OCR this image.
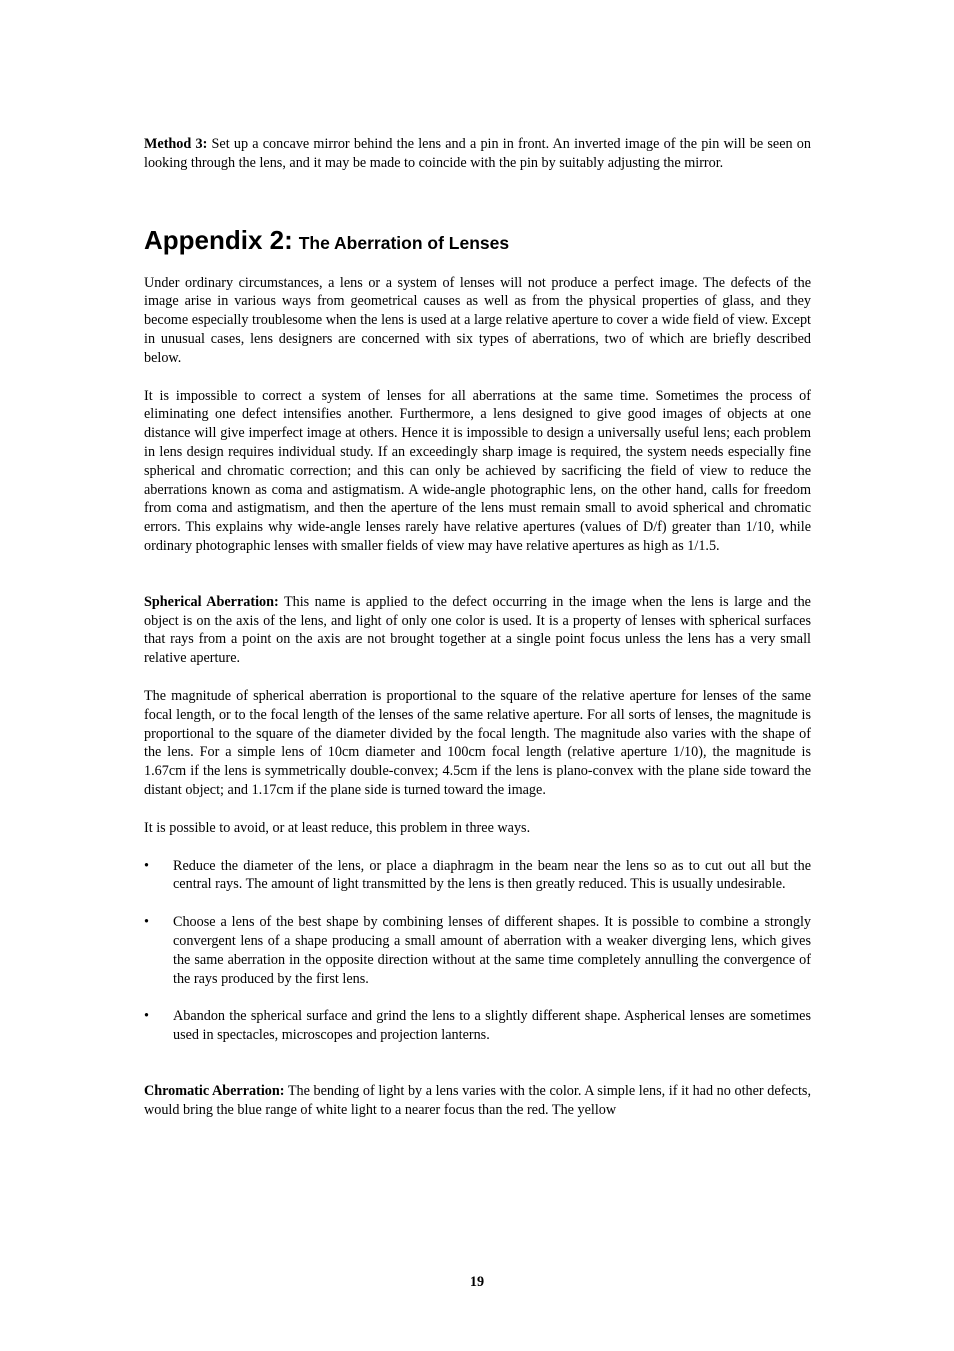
Method 3: Set up a concave mirror behind the lens and a pin in front. An inverted image of the pin will be seen on looking through the lens, and it may be made to coincide with the pin by suitably adjusting the mirror.

Appendix 2: The Aberration of Lenses

Under ordinary circumstances, a lens or a system of lenses will not produce a perfect image. The defects of the image arise in various ways from geometrical causes as well as from the physical properties of glass, and they become especially troublesome when the lens is used at a large relative aperture to cover a wide field of view. Except in unusual cases, lens designers are concerned with six types of aberrations, two of which are briefly described below.

It is impossible to correct a system of lenses for all aberrations at the same time. Sometimes the process of eliminating one defect intensifies another. Furthermore, a lens designed to give good images of objects at one distance will give imperfect image at others. Hence it is impossible to design a universally useful lens; each problem in lens design requires individual study. If an exceedingly sharp image is required, the system needs especially fine spherical and chromatic correction; and this can only be achieved by sacrificing the field of view to reduce the aberrations known as coma and astigmatism. A wide-angle photographic lens, on the other hand, calls for freedom from coma and astigmatism, and then the aperture of the lens must remain small to avoid spherical and chromatic errors. This explains why wide-angle lenses rarely have relative apertures (values of D/f) greater than 1/10, while ordinary photographic lenses with smaller fields of view may have relative apertures as high as 1/1.5.

Spherical Aberration: This name is applied to the defect occurring in the image when the lens is large and the object is on the axis of the lens, and light of only one color is used. It is a property of lenses with spherical surfaces that rays from a point on the axis are not brought together at a single point focus unless the lens has a very small relative aperture.

The magnitude of spherical aberration is proportional to the square of the relative aperture for lenses of the same focal length, or to the focal length of the lenses of the same relative aperture. For all sorts of lenses, the magnitude is proportional to the square of the diameter divided by the focal length. The magnitude also varies with the shape of the lens. For a simple lens of 10cm diameter and 100cm focal length (relative aperture 1/10), the magnitude is 1.67cm if the lens is symmetrically double-convex; 4.5cm if the lens is plano-convex with the plane side toward the distant object; and 1.17cm if the plane side is turned toward the image.

It is possible to avoid, or at least reduce, this problem in three ways.

• Reduce the diameter of the lens, or place a diaphragm in the beam near the lens so as to cut out all but the central rays. The amount of light transmitted by the lens is then greatly reduced. This is usually undesirable.
• Choose a lens of the best shape by combining lenses of different shapes. It is possible to combine a strongly convergent lens of a shape producing a small amount of aberration with a weaker diverging lens, which gives the same aberration in the opposite direction without at the same time completely annulling the convergence of the rays produced by the first lens.
• Abandon the spherical surface and grind the lens to a slightly different shape. Aspherical lenses are sometimes used in spectacles, microscopes and projection lanterns.

Chromatic Aberration: The bending of light by a lens varies with the color. A simple lens, if it had no other defects, would bring the blue range of white light to a nearer focus than the red. The yellow

19
